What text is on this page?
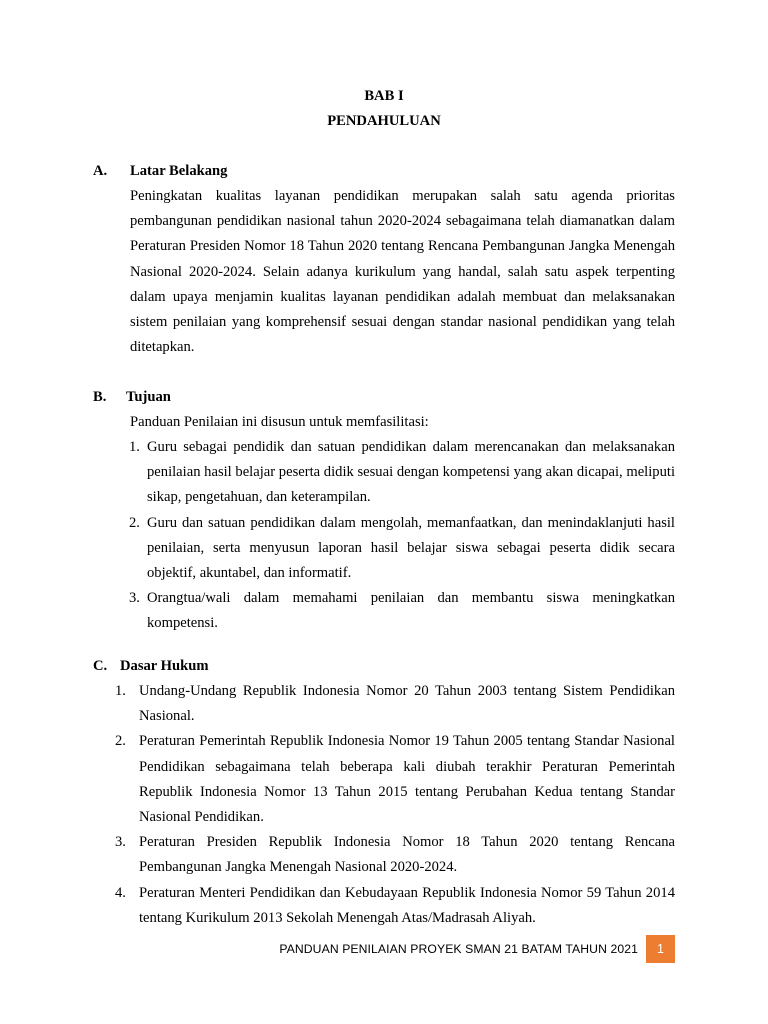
BAB I
PENDAHULUAN
A. Latar Belakang
Peningkatan kualitas layanan pendidikan merupakan salah satu agenda prioritas pembangunan pendidikan nasional tahun 2020-2024 sebagaimana telah diamanatkan dalam Peraturan Presiden Nomor 18 Tahun 2020 tentang Rencana Pembangunan Jangka Menengah Nasional 2020-2024. Selain adanya kurikulum yang handal, salah satu aspek terpenting dalam upaya menjamin kualitas layanan pendidikan adalah membuat dan melaksanakan sistem penilaian yang komprehensif sesuai dengan standar nasional pendidikan yang telah ditetapkan.
B. Tujuan
Panduan Penilaian ini disusun untuk memfasilitasi:
1. Guru sebagai pendidik dan satuan pendidikan dalam merencanakan dan melaksanakan penilaian hasil belajar peserta didik sesuai dengan kompetensi yang akan dicapai, meliputi sikap, pengetahuan, dan keterampilan.
2. Guru dan satuan pendidikan dalam mengolah, memanfaatkan, dan menindaklanjuti hasil penilaian, serta menyusun laporan hasil belajar siswa sebagai peserta didik secara objektif, akuntabel, dan informatif.
3. Orangtua/wali dalam memahami penilaian dan membantu siswa meningkatkan kompetensi.
C. Dasar Hukum
1. Undang-Undang Republik Indonesia Nomor 20 Tahun 2003 tentang Sistem Pendidikan Nasional.
2. Peraturan Pemerintah Republik Indonesia Nomor 19 Tahun 2005 tentang Standar Nasional Pendidikan sebagaimana telah beberapa kali diubah terakhir Peraturan Pemerintah Republik Indonesia Nomor 13 Tahun 2015 tentang Perubahan Kedua tentang Standar Nasional Pendidikan.
3. Peraturan Presiden Republik Indonesia Nomor 18 Tahun 2020 tentang Rencana Pembangunan Jangka Menengah Nasional 2020-2024.
4. Peraturan Menteri Pendidikan dan Kebudayaan Republik Indonesia Nomor 59 Tahun 2014 tentang Kurikulum 2013 Sekolah Menengah Atas/Madrasah Aliyah.
PANDUAN PENILAIAN PROYEK SMAN 21 BATAM TAHUN 2021	1
